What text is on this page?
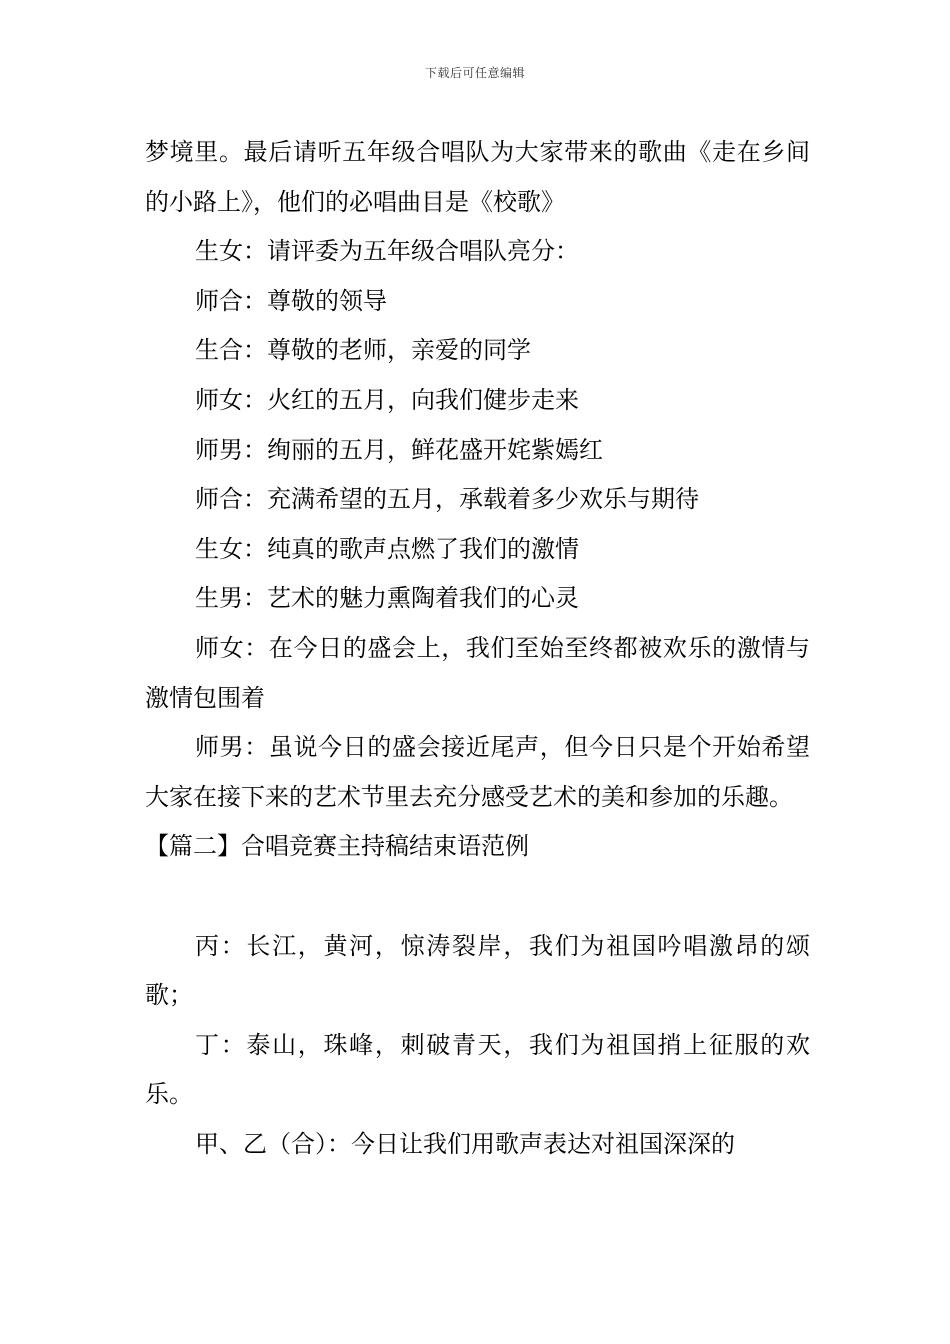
下载后可任意编辑

梦境里。最后请听五年级合唱队为大家带来的歌曲《走在乡间的小路上》，他们的必唱曲目是《校歌》

生女：请评委为五年级合唱队亮分：

师合：尊敬的领导

生合：尊敬的老师，亲爱的同学

师女：火红的五月，向我们健步走来

师男：绚丽的五月，鲜花盛开姹紫嫣红

师合：充满希望的五月，承载着多少欢乐与期待

生女：纯真的歌声点燃了我们的激情

生男：艺术的魅力熏陶着我们的心灵

师女：在今日的盛会上，我们至始至终都被欢乐的激情与激情包围着

师男：虽说今日的盛会接近尾声，但今日只是个开始希望大家在接下来的艺术节里去充分感受艺术的美和参加的乐趣。

【篇二】合唱竞赛主持稿结束语范例

丙：长江，黄河，惊涛裂岸，我们为祖国吟唱激昂的颂歌；

丁：泰山，珠峰，刺破青天，我们为祖国捎上征服的欢乐。

甲、乙（合）：今日让我们用歌声表达对祖国深深的
